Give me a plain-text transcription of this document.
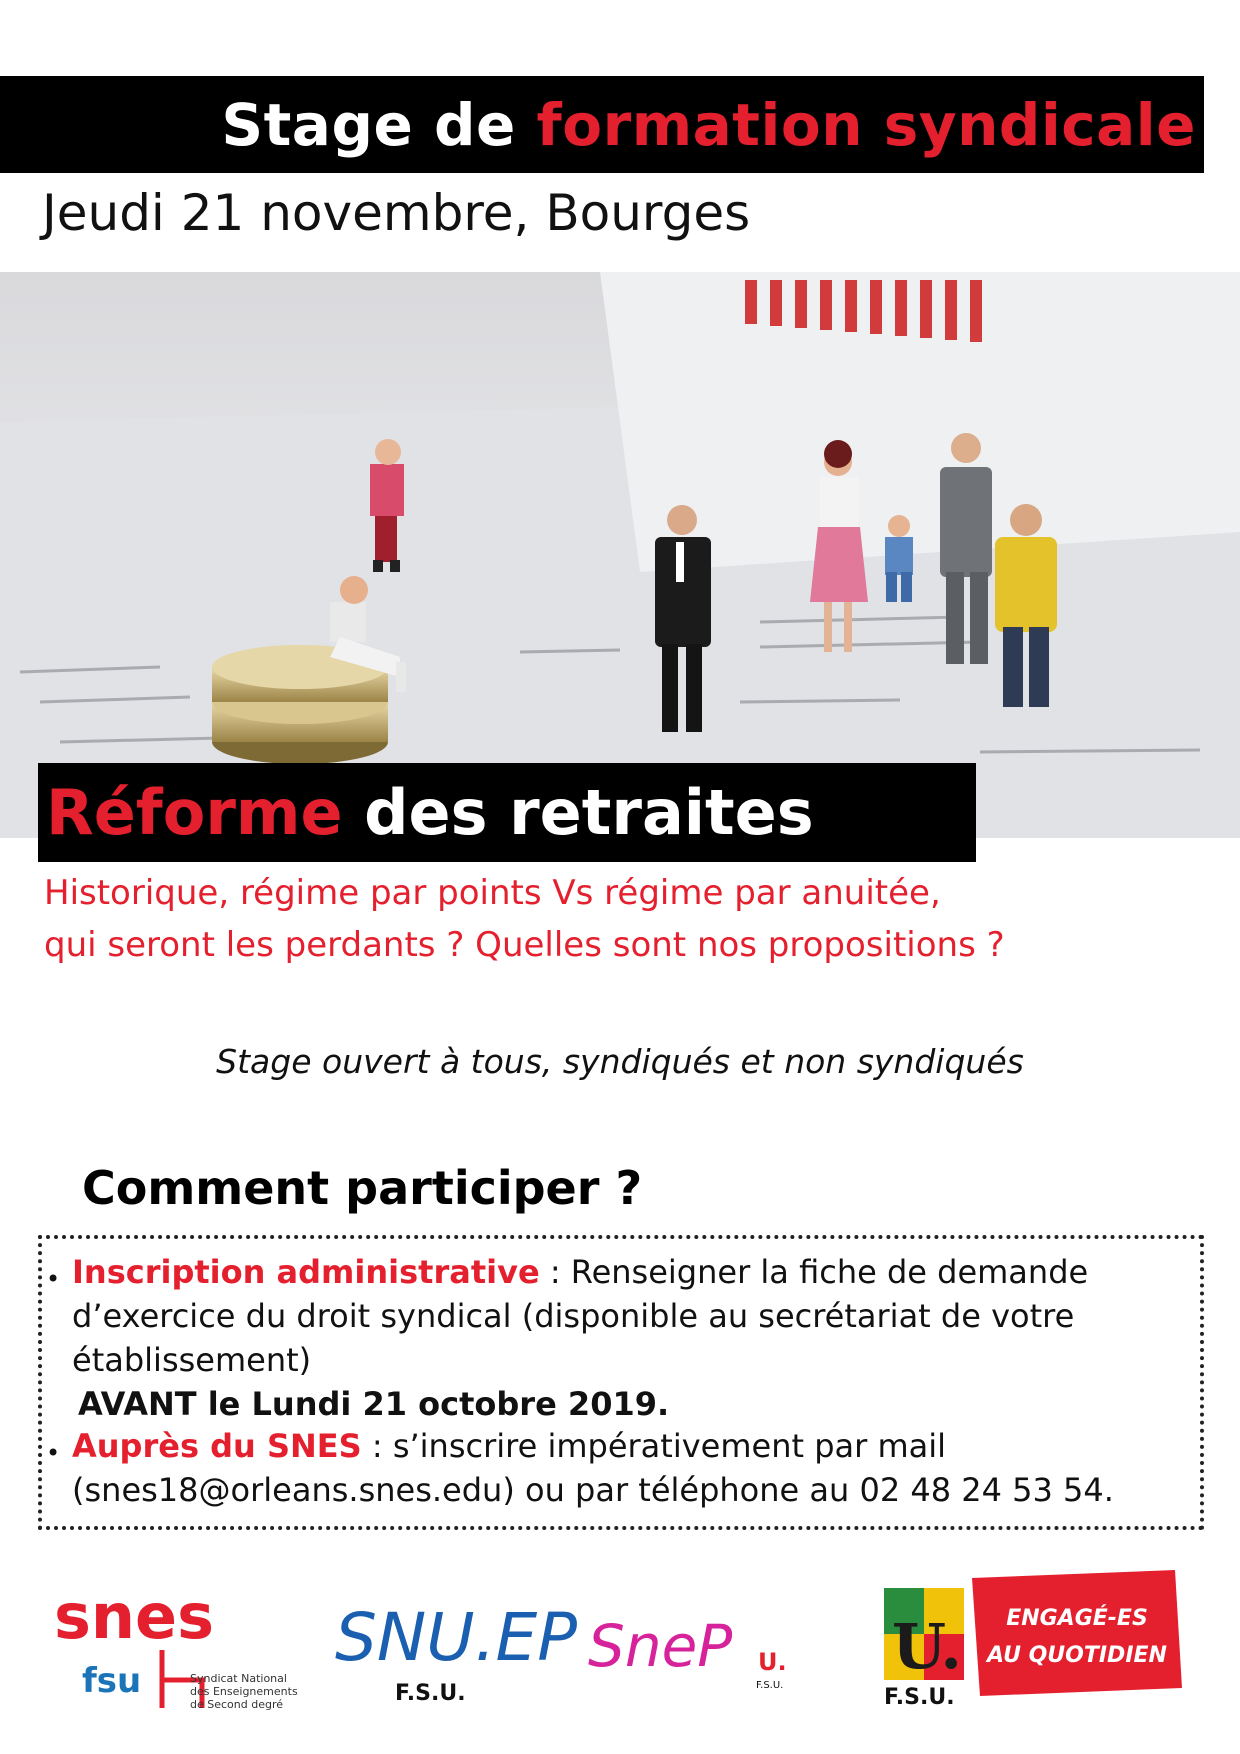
Stage de formation syndicale
Jeudi 21 novembre, Bourges
Réforme des retraites
Historique, régime par points Vs régime par anuitée,
qui seront les perdants ? Quelles sont nos propositions ?
Stage ouvert à tous, syndiqués et non syndiqués
Comment participer ?
• Inscription administrative : Renseigner la fiche de demande
d’exercice du droit syndical (disponible au secrétariat de votre
établissement)
AVANT le Lundi 21 octobre 2019.
• Auprès du SNES : s’inscrire impérativement par mail
(snes18@orleans.snes.edu) ou par téléphone au 02 48 24 53 54.
snes
fsu	Syndicat National
des Enseignements
de Second degré
SNU.EP
F.S.U.
SneP U.
F.S.U.
U.
F.S.U.
ENGAGÉ-ES
AU QUOTIDIEN
